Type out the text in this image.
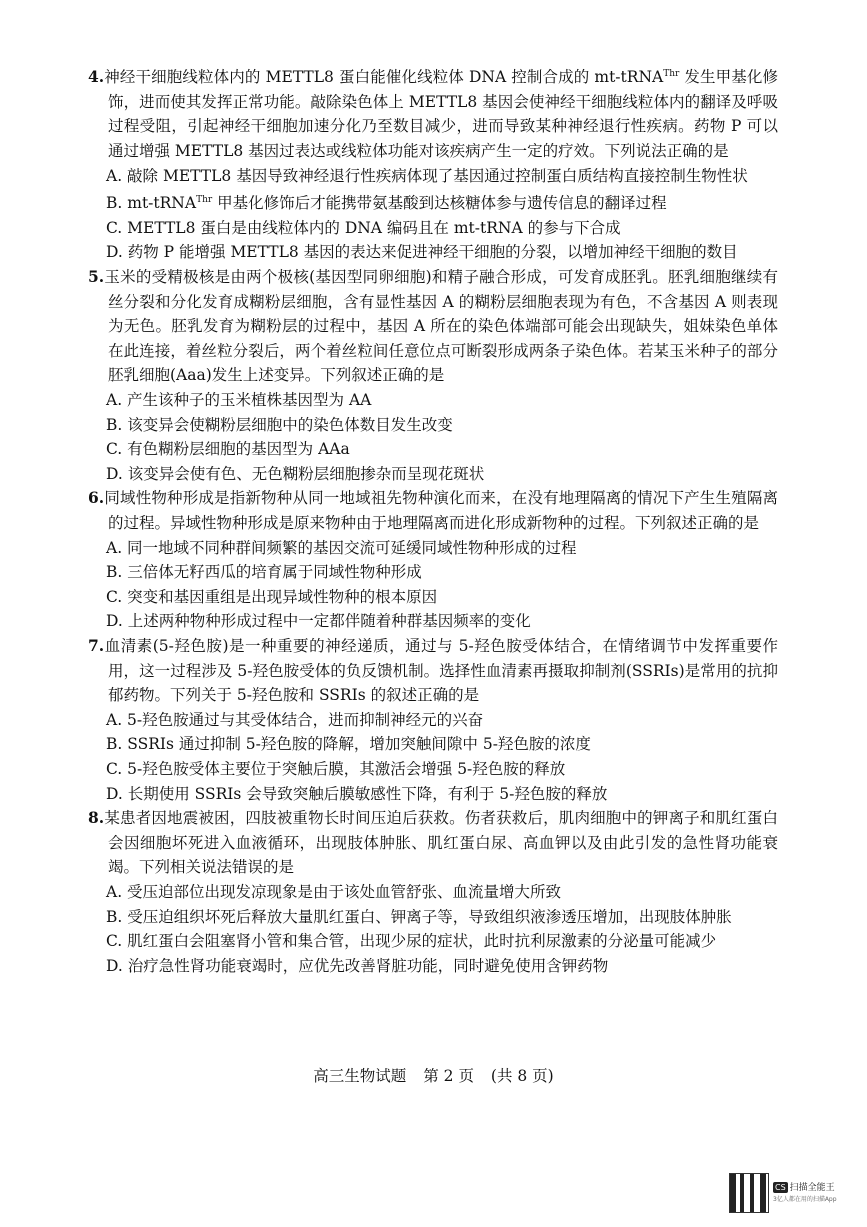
4.神经干细胞线粒体内的 METTL8 蛋白能催化线粒体 DNA 控制合成的 mt-tRNA$^{Thr}$ 发生甲基化修饰，进而使其发挥正常功能。敲除染色体上 METTL8 基因会使神经干细胞线粒体内的翻译及呼吸过程受阻，引起神经干细胞加速分化乃至数目减少，进而导致某种神经退行性疾病。药物 P 可以通过增强 METTL8 基因过表达或线粒体功能对该疾病产生一定的疗效。下列说法正确的是

A. 敲除 METTL8 基因导致神经退行性疾病体现了基因通过控制蛋白质结构直接控制生物性状

B. mt-tRNA$^{Thr}$ 甲基化修饰后才能携带氨基酸到达核糖体参与遗传信息的翻译过程

C. METTL8 蛋白是由线粒体内的 DNA 编码且在 mt-tRNA 的参与下合成

D. 药物 P 能增强 METTL8 基因的表达来促进神经干细胞的分裂，以增加神经干细胞的数目

5.玉米的受精极核是由两个极核(基因型同卵细胞)和精子融合形成，可发育成胚乳。胚乳细胞继续有丝分裂和分化发育成糊粉层细胞，含有显性基因 A 的糊粉层细胞表现为有色，不含基因 A 则表现为无色。胚乳发育为糊粉层的过程中，基因 A 所在的染色体端部可能会出现缺失，姐妹染色单体在此连接，着丝粒分裂后，两个着丝粒间任意位点可断裂形成两条子染色体。若某玉米种子的部分胚乳细胞(Aaa)发生上述变异。下列叙述正确的是

A. 产生该种子的玉米植株基因型为 AA

B. 该变异会使糊粉层细胞中的染色体数目发生改变

C. 有色糊粉层细胞的基因型为 AAa

D. 该变异会使有色、无色糊粉层细胞掺杂而呈现花斑状

6.同域性物种形成是指新物种从同一地域祖先物种演化而来，在没有地理隔离的情况下产生生殖隔离的过程。异域性物种形成是原来物种由于地理隔离而进化形成新物种的过程。下列叙述正确的是

A. 同一地域不同种群间频繁的基因交流可延缓同域性物种形成的过程

B. 三倍体无籽西瓜的培育属于同域性物种形成

C. 突变和基因重组是出现异域性物种的根本原因

D. 上述两种物种形成过程中一定都伴随着种群基因频率的变化

7.血清素(5-羟色胺)是一种重要的神经递质，通过与 5-羟色胺受体结合，在情绪调节中发挥重要作用，这一过程涉及 5-羟色胺受体的负反馈机制。选择性血清素再摄取抑制剂(SSRIs)是常用的抗抑郁药物。下列关于 5-羟色胺和 SSRIs 的叙述正确的是

A. 5-羟色胺通过与其受体结合，进而抑制神经元的兴奋

B. SSRIs 通过抑制 5-羟色胺的降解，增加突触间隙中 5-羟色胺的浓度

C. 5-羟色胺受体主要位于突触后膜，其激活会增强 5-羟色胺的释放

D. 长期使用 SSRIs 会导致突触后膜敏感性下降，有利于 5-羟色胺的释放

8.某患者因地震被困，四肢被重物长时间压迫后获救。伤者获救后，肌肉细胞中的钾离子和肌红蛋白会因细胞坏死进入血液循环，出现肢体肿胀、肌红蛋白尿、高血钾以及由此引发的急性肾功能衰竭。下列相关说法错误的是

A. 受压迫部位出现发凉现象是由于该处血管舒张、血流量增大所致

B. 受压迫组织坏死后释放大量肌红蛋白、钾离子等，导致组织液渗透压增加，出现肢体肿胀

C. 肌红蛋白会阻塞肾小管和集合管，出现少尿的症状，此时抗利尿激素的分泌量可能减少

D. 治疗急性肾功能衰竭时，应优先改善肾脏功能，同时避免使用含钾药物

高三生物试题 第 2 页 (共 8 页)
CS 扫描全能王
3亿人都在用的扫描App
